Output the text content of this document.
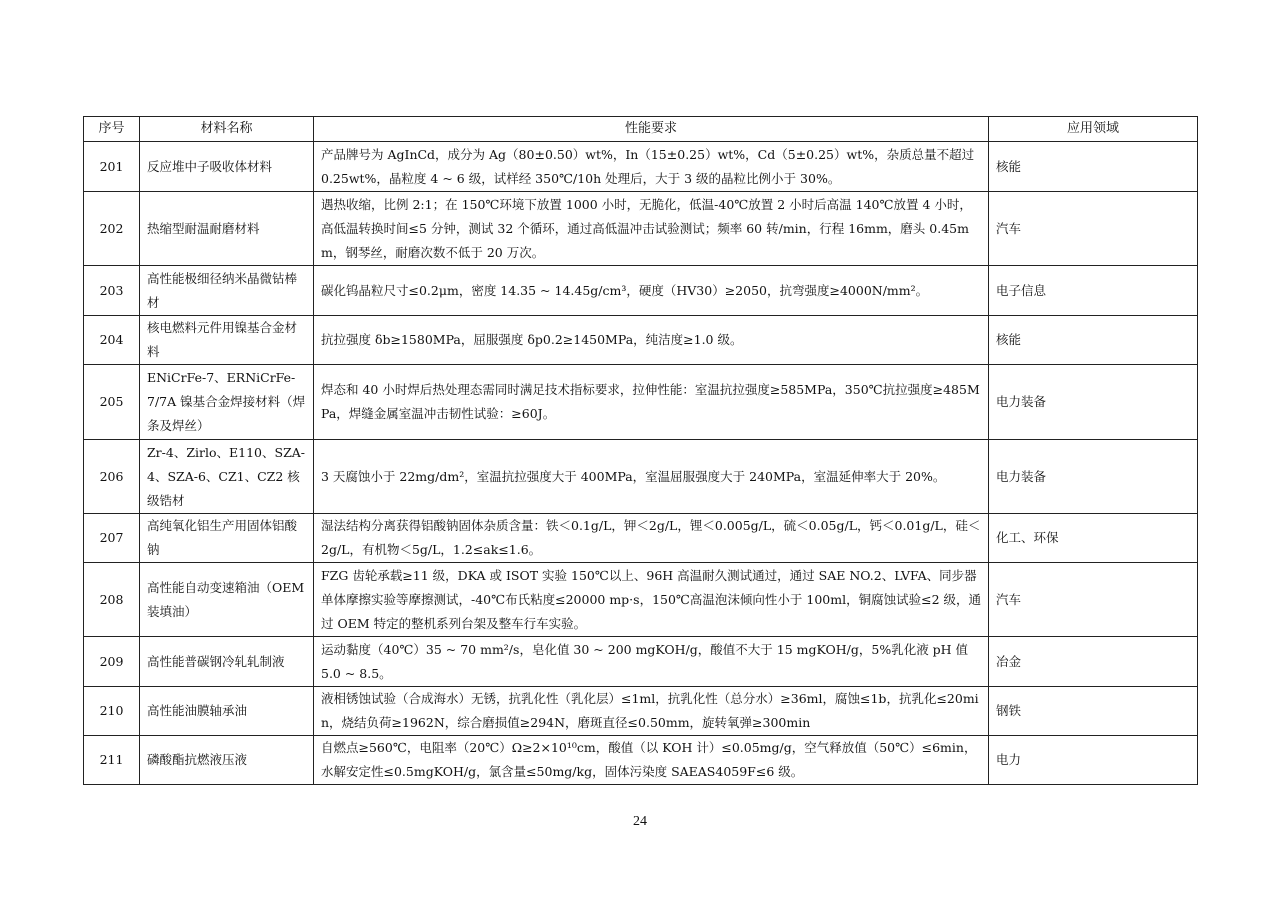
序号	材料名称	性能要求	应用领域
201	反应堆中子吸收体材料	产品牌号为 AgInCd，成分为 Ag（80±0.50）wt%，In（15±0.25）wt%，Cd（5±0.25）wt%，杂质总量不超过 0.25wt%，晶粒度 4 ~ 6 级，试样经 350℃/10h 处理后，大于 3 级的晶粒比例小于 30%。	核能
202	热缩型耐温耐磨材料	遇热收缩，比例 2:1；在 150℃环境下放置 1000 小时，无脆化，低温-40℃放置 2 小时后高温 140℃放置 4 小时，高低温转换时间≤5 分钟，测试 32 个循环，通过高低温冲击试验测试；频率 60 转/min，行程 16mm，磨头 0.45mm，钢琴丝，耐磨次数不低于 20 万次。	汽车
203	高性能极细径纳米晶微钻棒材	碳化钨晶粒尺寸≤0.2μm，密度 14.35 ~ 14.45g/cm³，硬度（HV30）≥2050，抗弯强度≥4000N/mm²。	电子信息
204	核电燃料元件用镍基合金材料	抗拉强度 δb≥1580MPa，屈服强度 δp0.2≥1450MPa，纯洁度≥1.0 级。	核能
205	ENiCrFe-7、ERNiCrFe-7/7A 镍基合金焊接材料（焊条及焊丝）	焊态和 40 小时焊后热处理态需同时满足技术指标要求，拉伸性能：室温抗拉强度≥585MPa，350℃抗拉强度≥485MPa，焊缝金属室温冲击韧性试验：≥60J。	电力装备
206	Zr-4、Zirlo、E110、SZA-4、SZA-6、CZ1、CZ2 核级锆材	3 天腐蚀小于 22mg/dm²，室温抗拉强度大于 400MPa，室温屈服强度大于 240MPa，室温延伸率大于 20%。	电力装备
207	高纯氧化铝生产用固体铝酸钠	湿法结构分离获得铝酸钠固体杂质含量：铁＜0.1g/L，钾＜2g/L，锂＜0.005g/L，硫＜0.05g/L，钙＜0.01g/L，硅＜2g/L，有机物＜5g/L，1.2≤ak≤1.6。	化工、环保
208	高性能自动变速箱油（OEM 装填油）	FZG 齿轮承载≥11 级，DKA 或 ISOT 实验 150℃以上、96H 高温耐久测试通过，通过 SAE NO.2、LVFA、同步器单体摩擦实验等摩擦测试，-40℃布氏粘度≤20000 mp·s，150℃高温泡沫倾向性小于 100ml，铜腐蚀试验≤2 级，通过 OEM 特定的整机系列台架及整车行车实验。	汽车
209	高性能普碳钢冷轧轧制液	运动黏度（40℃）35 ~ 70 mm²/s，皂化值 30 ~ 200 mgKOH/g，酸值不大于 15 mgKOH/g，5%乳化液 pH 值 5.0 ~ 8.5。	冶金
210	高性能油膜轴承油	液相锈蚀试验（合成海水）无锈，抗乳化性（乳化层）≤1ml，抗乳化性（总分水）≥36ml，腐蚀≤1b，抗乳化≤20min，烧结负荷≥1962N，综合磨损值≥294N，磨斑直径≤0.50mm，旋转氧弹≥300min	钢铁
211	磷酸酯抗燃液压液	自燃点≥560℃，电阻率（20℃）Ω≥2×10¹⁰cm，酸值（以 KOH 计）≤0.05mg/g，空气释放值（50℃）≤6min，水解安定性≤0.5mgKOH/g，氯含量≤50mg/kg，固体污染度 SAEAS4059F≤6 级。	电力
24
